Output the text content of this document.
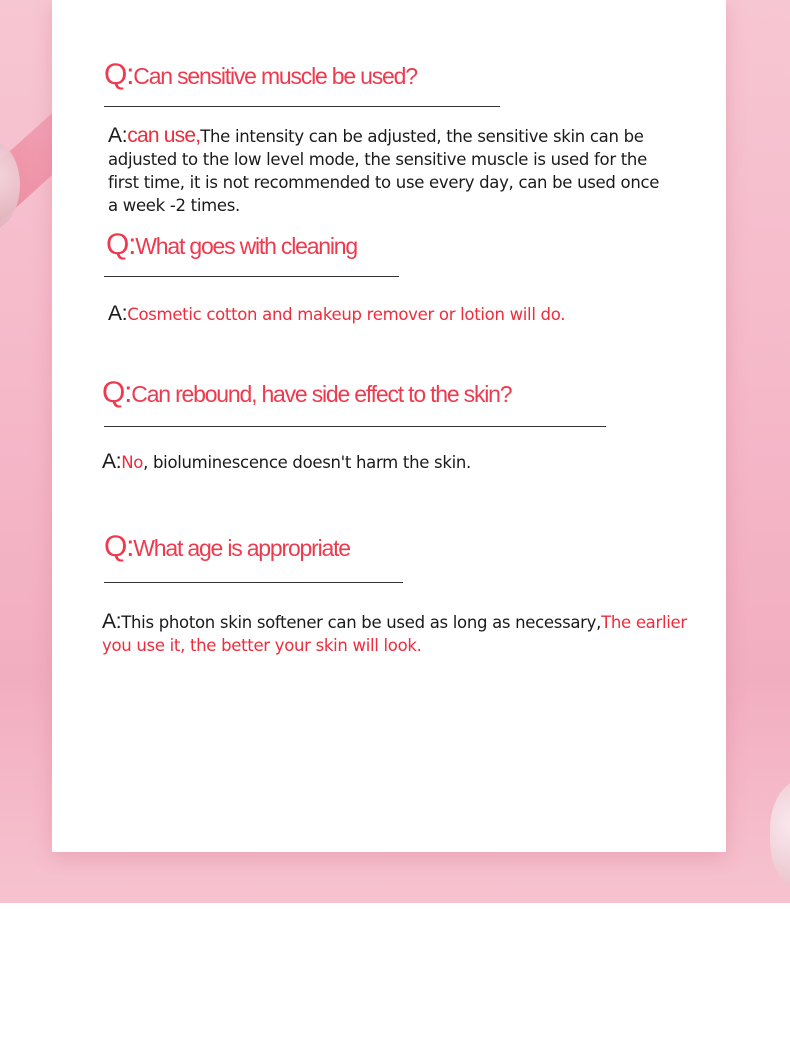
Q:Can sensitive muscle be used?
A:can use,The intensity can be adjusted, the sensitive skin can be adjusted to the low level mode, the sensitive muscle is used for the first time, it is not recommended to use every day, can be used once a week -2 times.
Q:What goes with cleaning
A:Cosmetic cotton and makeup remover or lotion will do.
Q:Can rebound, have side effect to the skin?
A:No, bioluminescence doesn't harm the skin.
Q:What age is appropriate
A:This photon skin softener can be used as long as necessary,The earlier you use it, the better your skin will look.
